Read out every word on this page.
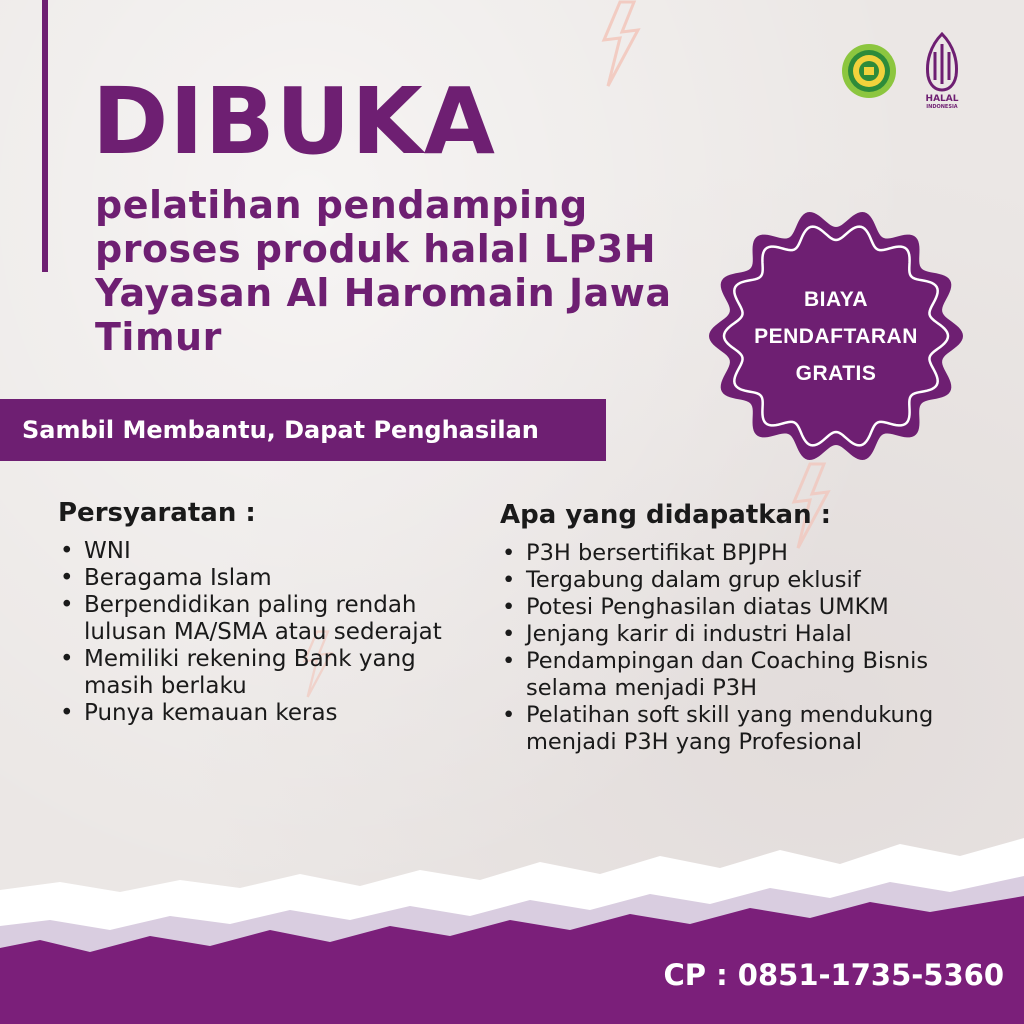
HALAL
INDONESIA
DIBUKA

pelatihan pendamping proses produk halal LP3H Yayasan Al Haromain Jawa Timur

BIAYA
PENDAFTARAN
GRATIS
Sambil Membantu, Dapat Penghasilan
Persyaratan :
• WNI
• Beragama Islam
• Berpendidikan paling rendah lulusan MA/SMA atau sederajat
• Memiliki rekening Bank yang masih berlaku
• Punya kemauan keras
Apa yang didapatkan :
• P3H bersertifikat BPJPH
• Tergabung dalam grup eklusif
• Potesi Penghasilan diatas UMKM
• Jenjang karir di industri Halal
• Pendampingan dan Coaching Bisnis selama menjadi P3H
• Pelatihan soft skill yang mendukung menjadi P3H yang Profesional
CP : 0851-1735-5360
